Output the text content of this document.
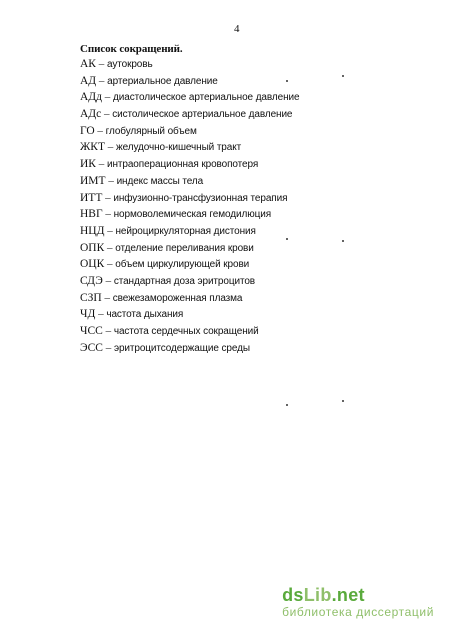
4
Список сокращений.
АК – аутокровь
АД – артериальное давление
АДд – диастолическое артериальное давление
АДс – систолическое артериальное давление
ГО – глобулярный объем
ЖКТ – желудочно-кишечный тракт
ИК – интраоперационная кровопотеря
ИМТ – индекс массы тела
ИТТ – инфузионно-трансфузионная терапия
НВГ – нормоволемическая гемодилюция
НЦД – нейроциркуляторная дистония
ОПК – отделение переливания крови
ОЦК – объем циркулирующей крови
СДЭ – стандартная доза эритроцитов
СЗП – свежезамороженная плазма
ЧД – частота дыхания
ЧСС – частота сердечных сокращений
ЭСС – эритроцитсодержащие среды
dsLib.net
библиотека диссертаций
